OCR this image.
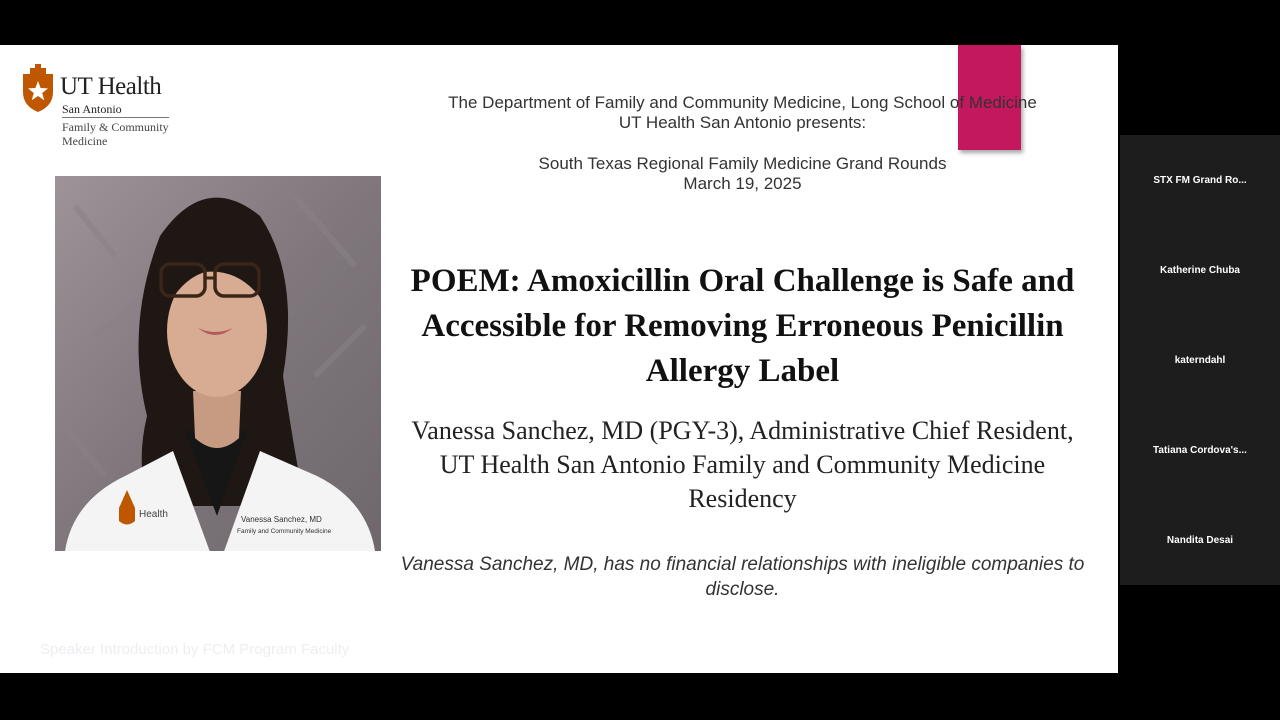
UT Health
San Antonio
Family & Community
Medicine
Health	Vanessa Sanchez, MD
Family and Community Medicine
The Department of Family and Community Medicine, Long School of Medicine
UT Health San Antonio presents:
South Texas Regional Family Medicine Grand Rounds
March 19, 2025
POEM: Amoxicillin Oral Challenge is Safe and Accessible for Removing Erroneous Penicillin Allergy Label
Vanessa Sanchez, MD (PGY-3), Administrative Chief Resident, UT Health San Antonio Family and Community Medicine Residency
Vanessa Sanchez, MD, has no financial relationships with ineligible companies to disclose.
Speaker Introduction by FCM Program Faculty
STX FM Grand Ro...
Katherine Chuba
katerndahl
Tatiana Cordova's...
Nandita Desai
